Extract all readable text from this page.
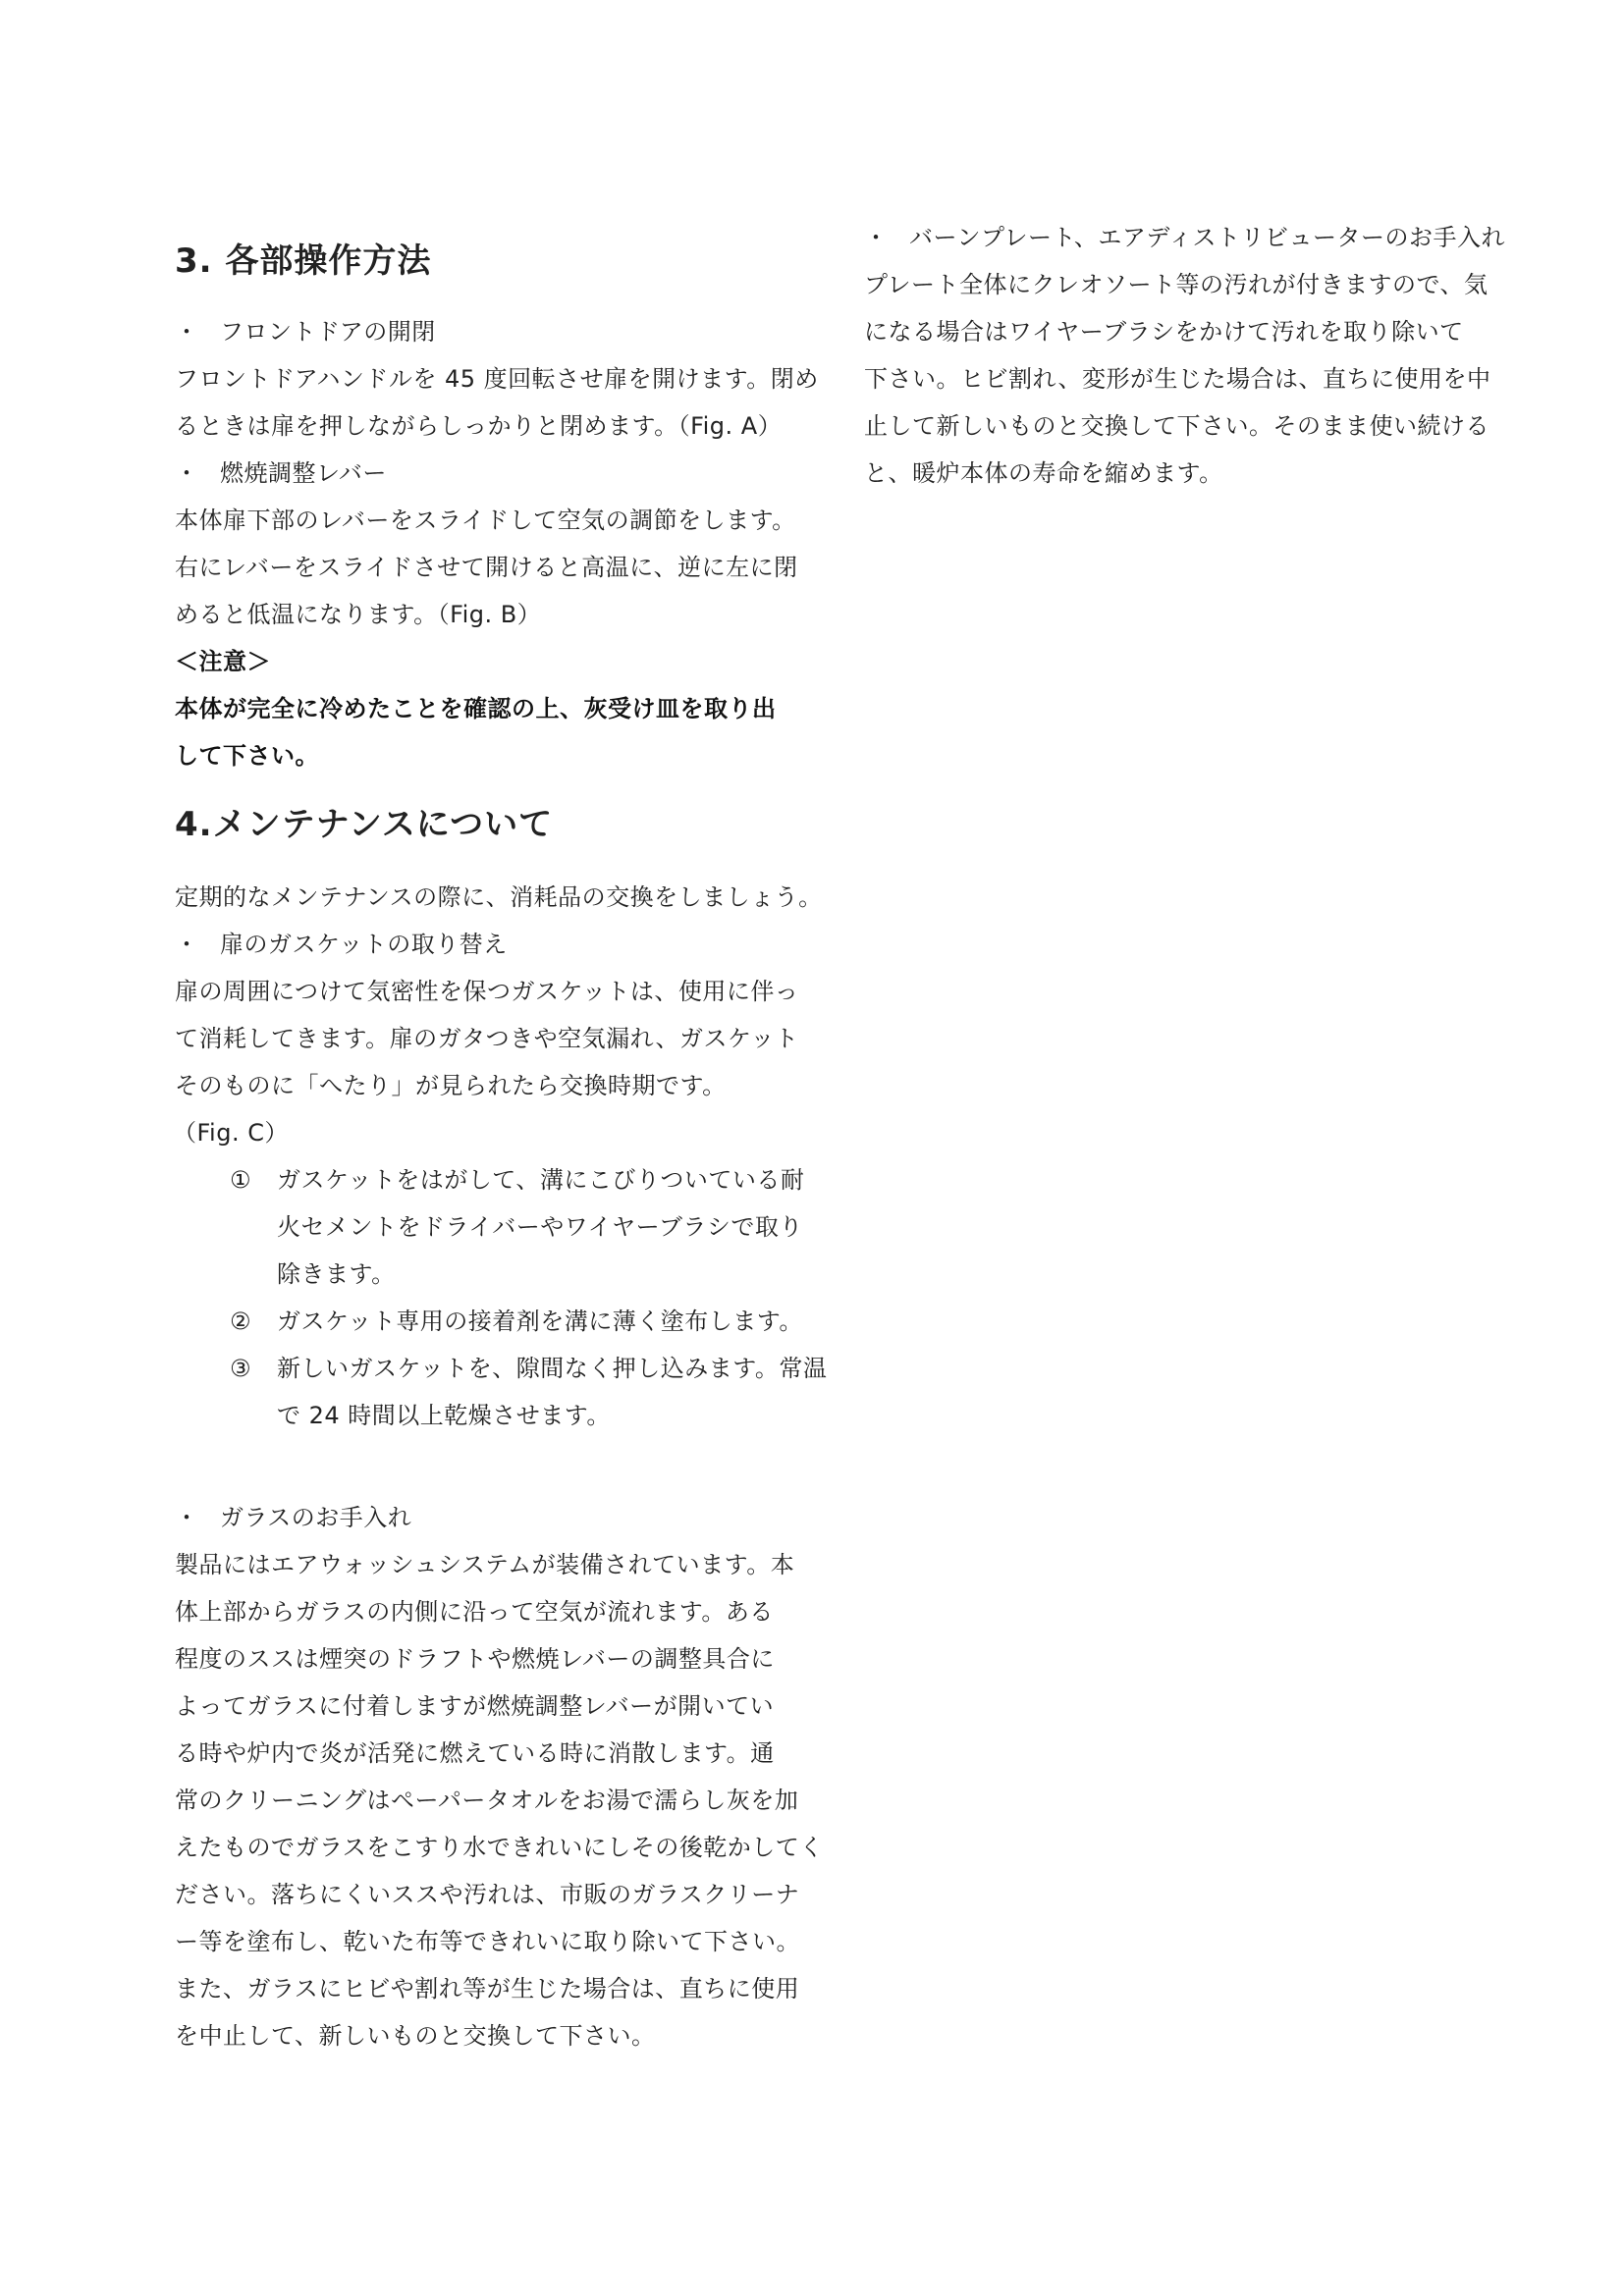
3. 各部操作方法
・ フロントドアの開閉
フロントドアハンドルを 45 度回転させ扉を開けます。閉め
るときは扉を押しながらしっかりと閉めます。（Fig. A）
・ 燃焼調整レバー
本体扉下部のレバーをスライドして空気の調節をします。
右にレバーをスライドさせて開けると高温に、逆に左に閉
めると低温になります。（Fig. B）
＜注意＞
本体が完全に冷めたことを確認の上、灰受け皿を取り出
して下さい。
4.メンテナンスについて
定期的なメンテナンスの際に、消耗品の交換をしましょう。
・ 扉のガスケットの取り替え
扉の周囲につけて気密性を保つガスケットは、使用に伴っ
て消耗してきます。扉のガタつきや空気漏れ、ガスケット
そのものに「へたり」が見られたら交換時期です。
（Fig. C）
① ガスケットをはがして、溝にこびりついている耐
火セメントをドライバーやワイヤーブラシで取り
除きます。
② ガスケット専用の接着剤を溝に薄く塗布します。
③ 新しいガスケットを、隙間なく押し込みます。常温
で 24 時間以上乾燥させます。
・ ガラスのお手入れ
製品にはエアウォッシュシステムが装備されています。本
体上部からガラスの内側に沿って空気が流れます。ある
程度のススは煙突のドラフトや燃焼レバーの調整具合に
よってガラスに付着しますが燃焼調整レバーが開いてい
る時や炉内で炎が活発に燃えている時に消散します。通
常のクリーニングはペーパータオルをお湯で濡らし灰を加
えたものでガラスをこすり水できれいにしその後乾かしてく
ださい。落ちにくいススや汚れは、市販のガラスクリーナ
ー等を塗布し、乾いた布等できれいに取り除いて下さい。
また、ガラスにヒビや割れ等が生じた場合は、直ちに使用
を中止して、新しいものと交換して下さい。
・ バーンプレート、エアディストリビューターのお手入れ
プレート全体にクレオソート等の汚れが付きますので、気
になる場合はワイヤーブラシをかけて汚れを取り除いて
下さい。ヒビ割れ、変形が生じた場合は、直ちに使用を中
止して新しいものと交換して下さい。そのまま使い続ける
と、暖炉本体の寿命を縮めます。
